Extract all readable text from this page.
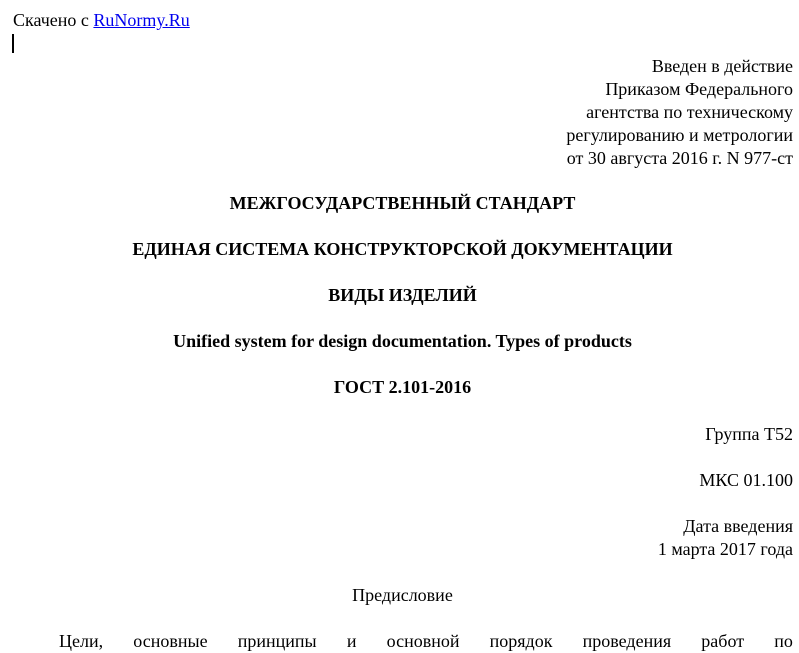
Скачено с RuNormy.Ru
Введен в действие
Приказом Федерального
агентства по техническому
регулированию и метрологии
от 30 августа 2016 г. N 977-ст
МЕЖГОСУДАРСТВЕННЫЙ СТАНДАРТ
ЕДИНАЯ СИСТЕМА КОНСТРУКТОРСКОЙ ДОКУМЕНТАЦИИ
ВИДЫ ИЗДЕЛИЙ
Unified system for design documentation. Types of products
ГОСТ 2.101-2016
Группа Т52
МКС 01.100
Дата введения
1 марта 2017 года
Предисловие
Цели, основные принципы и основной порядок проведения работ по
